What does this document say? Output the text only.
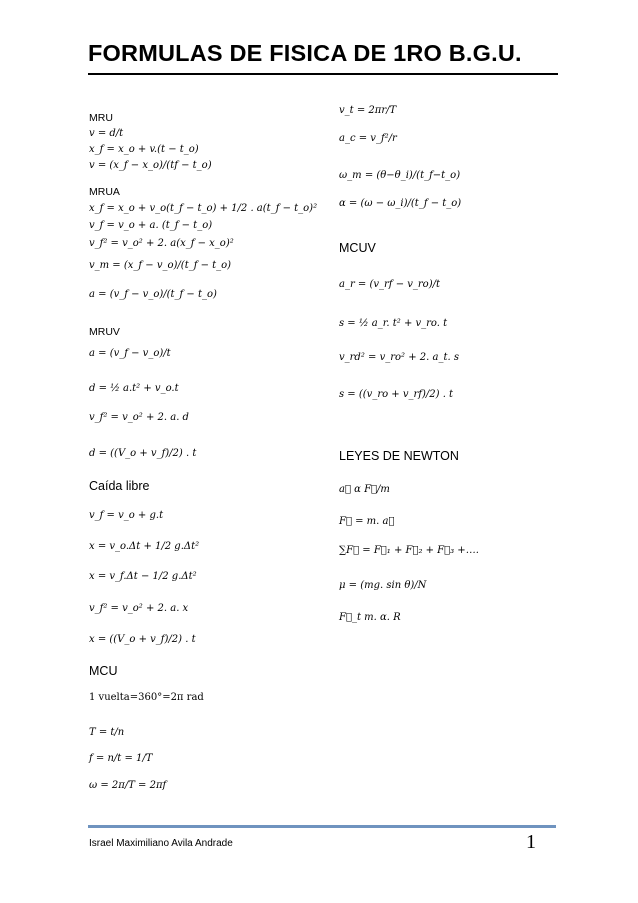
FORMULAS DE FISICA DE 1RO B.G.U.
MRU
v = d/t
x_f = x_o + v.(t − t_o)
v = (x_f − x_o)/(tf − t_o)
MRUA
x_f = x_o + v_o(t_f − t_o) + 1/2 . a(t_f − t_o)²
v_f = v_o + a. (t_f − t_o)
v_f² = v_o² + 2. a(x_f − x_o)²
v_m = (x_f − v_o)/(t_f − t_o)
a = (v_f − v_o)/(t_f − t_o)
MRUV
a = (v_f − v_o)/t
d = ½ a.t² + v_o.t
v_f² = v_o² + 2. a. d
d = ((V_o + v_f)/2) . t
Caída libre
v_f = v_o + g.t
x = v_o.Δt + 1/2 g.Δt²
x = v_f.Δt − 1/2 g.Δt²
v_f² = v_o² + 2. a. x
x = ((V_o + v_f)/2) . t
MCU
1 vuelta=360°=2π rad
T = t/n
f = n/t = 1/T
ω = 2π/T = 2πf
v_t = 2πr/T
a_c = v_f²/r
ω_m = (θ−θ_i)/(t_f−t_o)
α = (ω − ω_i)/(t_f − t_o)
MCUV
a_r = (v_rf − v_ro)/t
s = ½ a_r. t² + v_ro. t
v_rd² = v_ro² + 2. a_t. s
s = ((v_ro + v_rf)/2) . t
LEYES DE NEWTON
a⃗ α F⃗/m
F⃗ = m. a⃗
∑F⃗ = F⃗₁ + F⃗₂ + F⃗₃ +….
μ = (mg. sin θ)/N
F⃗_t m. α. R
Israel Maximiliano Avila Andrade	1
